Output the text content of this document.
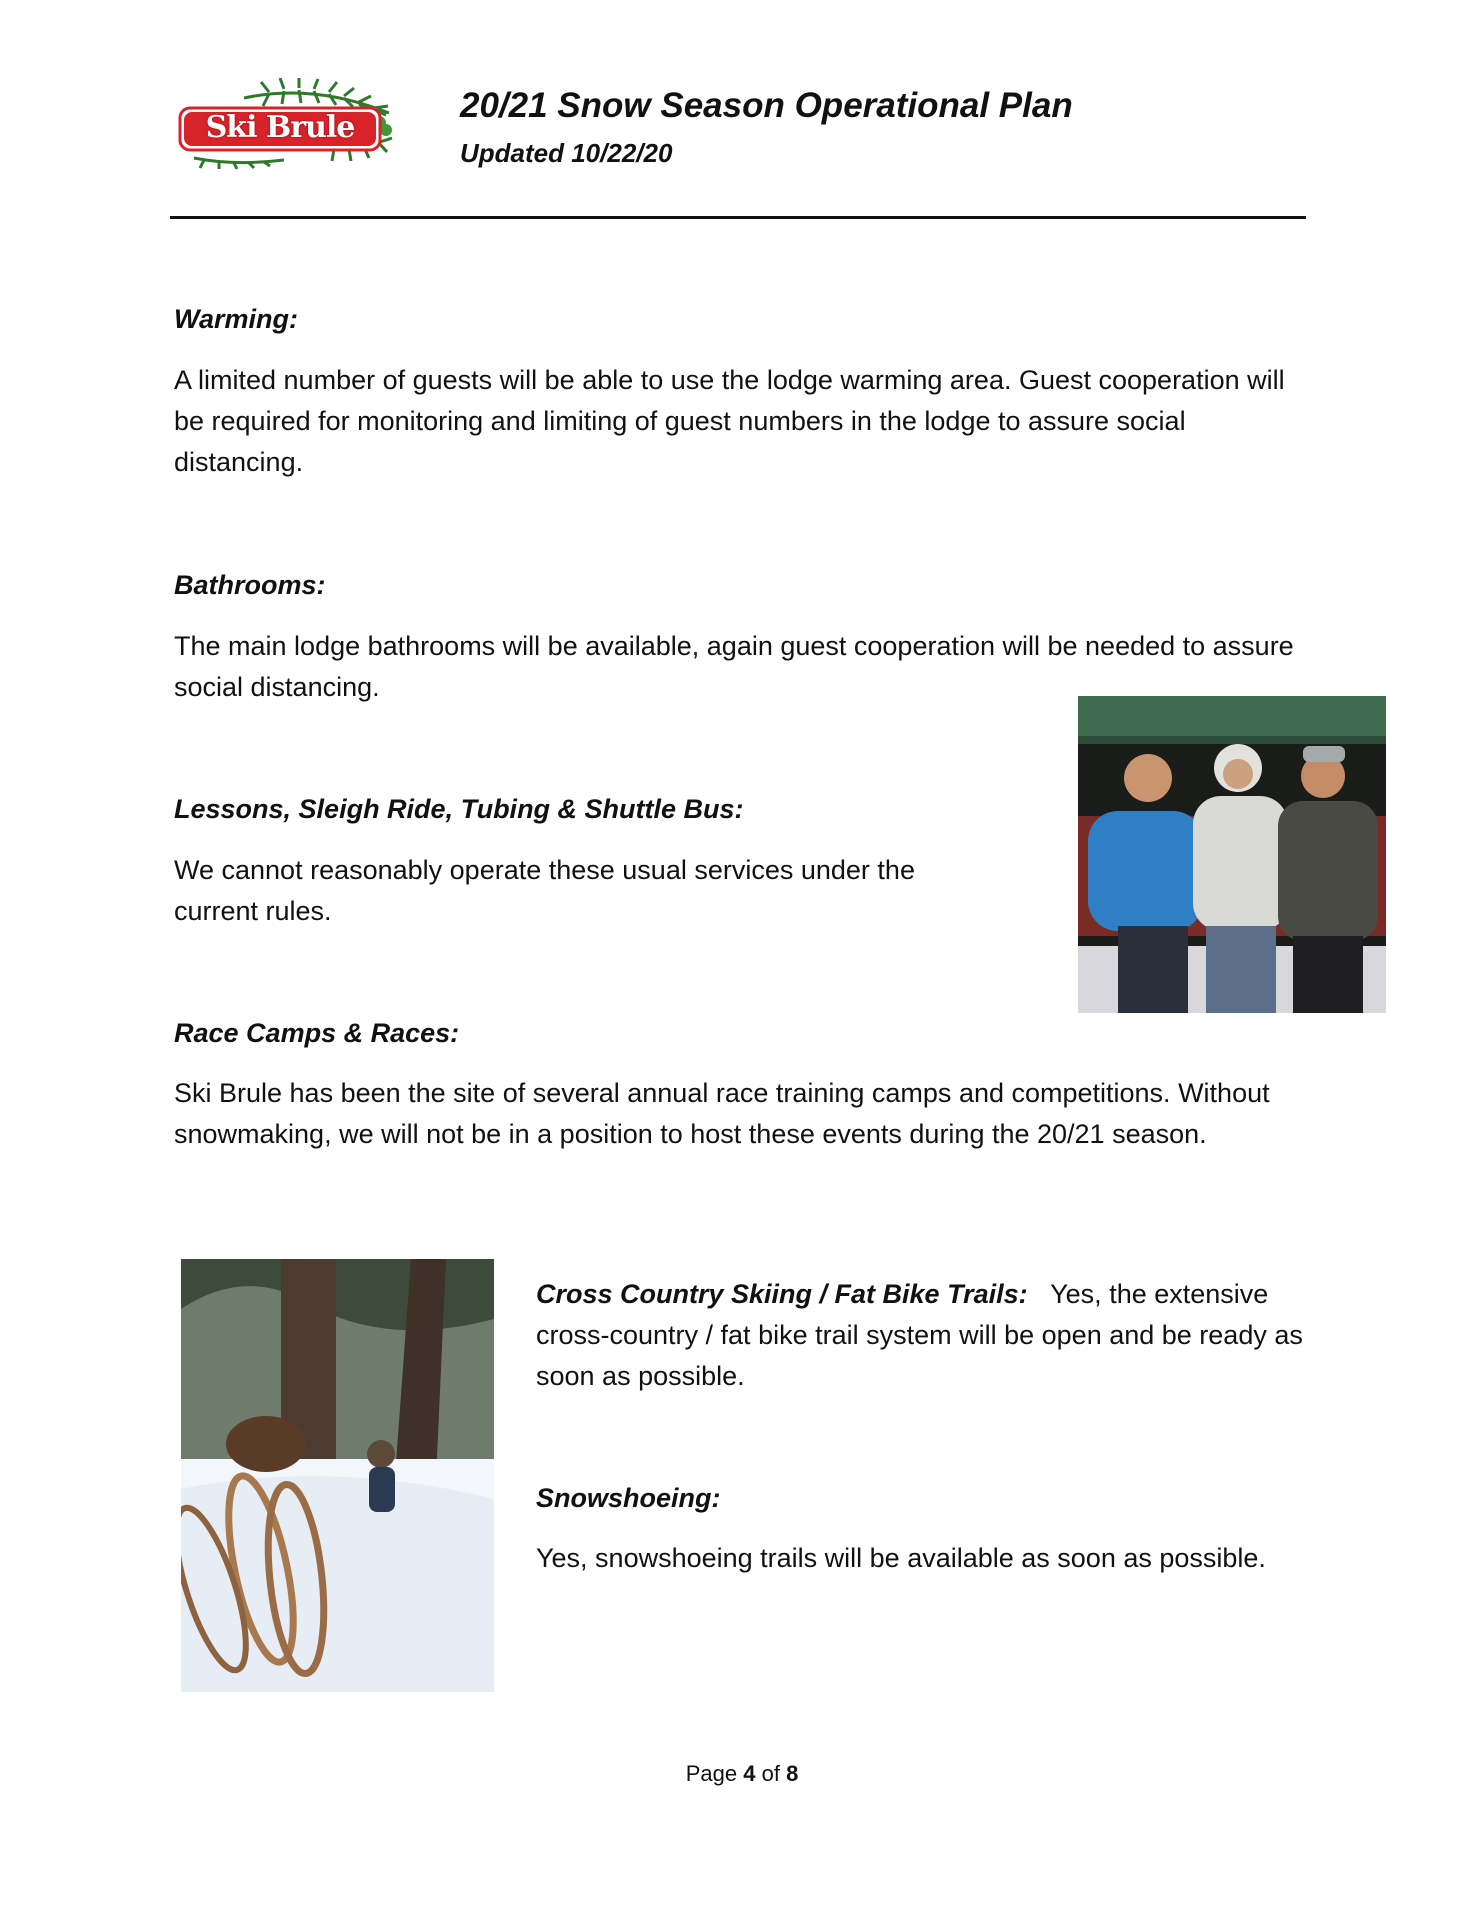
Ski Brule
20/21 Snow Season Operational Plan
Updated 10/22/20
Warming:
A limited number of guests will be able to use the lodge warming area. Guest cooperation will be required for monitoring and limiting of guest numbers in the lodge to assure social distancing.
Bathrooms:
The main lodge bathrooms will be available, again guest cooperation will be needed to assure social distancing.
Lessons, Sleigh Ride, Tubing & Shuttle Bus:
We cannot reasonably operate these usual services under the current rules.
Race Camps & Races:
Ski Brule has been the site of several annual race training camps and competitions. Without snowmaking, we will not be in a position to host these events during the 20/21 season.
Cross Country Skiing / Fat Bike Trails: Yes, the extensive cross-country / fat bike trail system will be open and be ready as soon as possible.
Snowshoeing:
Yes, snowshoeing trails will be available as soon as possible.
Page 4 of 8
